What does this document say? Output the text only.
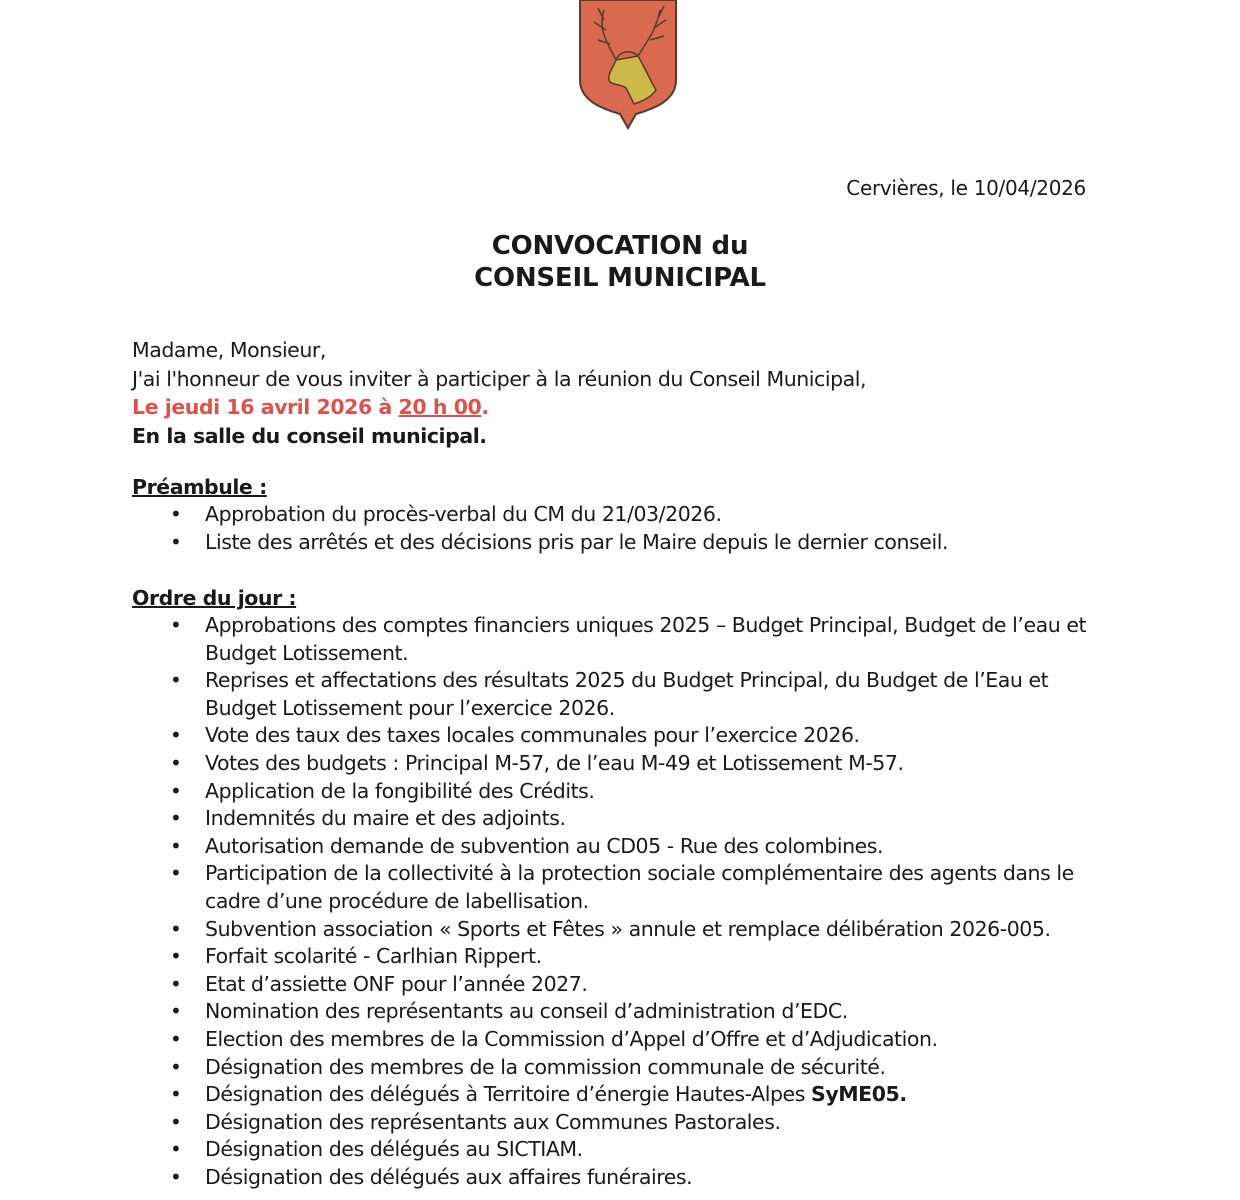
Cervières, le 10/04/2026
CONVOCATION du
CONSEIL MUNICIPAL
Madame, Monsieur,
J'ai l'honneur de vous inviter à participer à la réunion du Conseil Municipal,
Le jeudi 16 avril 2026 à 20 h 00.
En la salle du conseil municipal.
Préambule :
• Approbation du procès-verbal du CM du 21/03/2026.
• Liste des arrêtés et des décisions pris par le Maire depuis le dernier conseil.
Ordre du jour :
• Approbations des comptes financiers uniques 2025 – Budget Principal, Budget de l’eau et Budget Lotissement.
• Reprises et affectations des résultats 2025 du Budget Principal, du Budget de l’Eau et Budget Lotissement pour l’exercice 2026.
• Vote des taux des taxes locales communales pour l’exercice 2026.
• Votes des budgets : Principal M-57, de l’eau M-49 et Lotissement M-57.
• Application de la fongibilité des Crédits.
• Indemnités du maire et des adjoints.
• Autorisation demande de subvention au CD05 - Rue des colombines.
• Participation de la collectivité à la protection sociale complémentaire des agents dans le cadre d’une procédure de labellisation.
• Subvention association « Sports et Fêtes » annule et remplace délibération 2026-005.
• Forfait scolarité - Carlhian Rippert.
• Etat d’assiette ONF pour l’année 2027.
• Nomination des représentants au conseil d’administration d’EDC.
• Election des membres de la Commission d’Appel d’Offre et d’Adjudication.
• Désignation des membres de la commission communale de sécurité.
• Désignation des délégués à Territoire d’énergie Hautes-Alpes SyME05.
• Désignation des représentants aux Communes Pastorales.
• Désignation des délégués au SICTIAM.
• Désignation des délégués aux affaires funéraires.
